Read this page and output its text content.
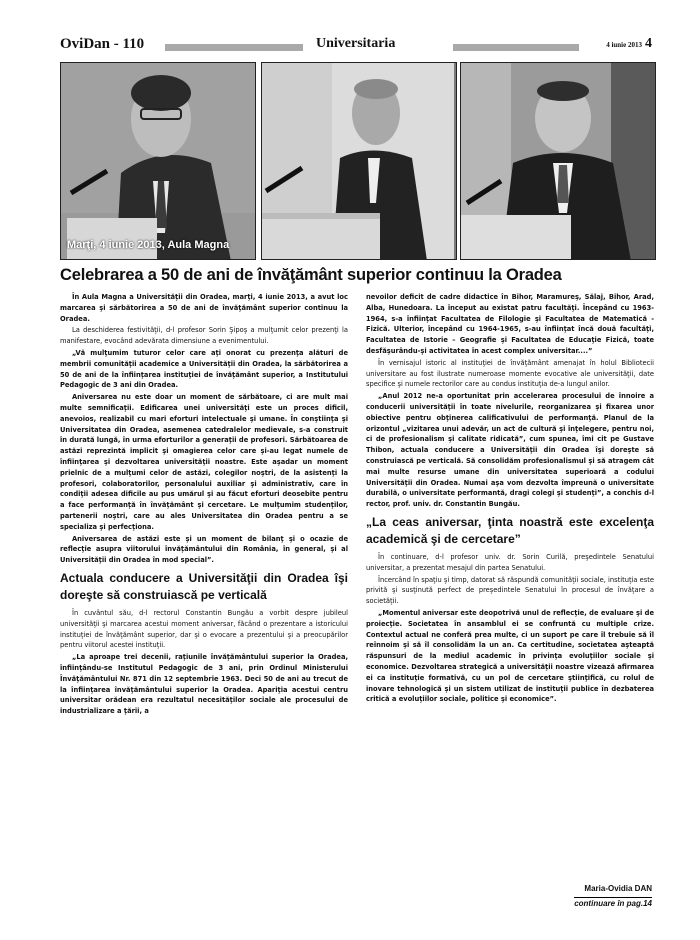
OviDan - 110	Universitaria	4 iunie 2013 4
Marţi, 4 iunie 2013, Aula Magna
Celebrarea a 50 de ani de învăţământ superior continuu la Oradea

În Aula Magna a Universităţii din Oradea, marţi, 4 iunie 2013, a avut loc marcarea şi sărbătorirea a 50 de ani de învăţământ superior continuu la Oradea.

La deschiderea festivităţii, d-l profesor Sorin Şipoş a mulţumit celor prezenţi la manifestare, evocând adevărata dimensiune a evenimentului.

„Vă mulţumim tuturor celor care aţi onorat cu prezenţa alături de membrii comunităţii academice a Universităţii din Oradea, la sărbătorirea a 50 de ani de la înfiinţarea instituţiei de învăţământ superior, a Institutului Pedagogic de 3 ani din Oradea.

Aniversarea nu este doar un moment de sărbătoare, ci are mult mai multe semnificaţii. Edificarea unei universităţi este un proces dificil, anevoios, realizabil cu mari eforturi intelectuale şi umane. În conştiinţa şi Universitatea din Oradea, asemenea catedralelor medievale, s-a construit în durată lungă, în urma eforturilor a generaţii de profesori. Sărbătoarea de astăzi reprezintă implicit şi omagierea celor care şi-au legat numele de înfiinţarea şi dezvoltarea universităţii noastre. Este aşadar un moment prielnic de a mulţumi celor de astăzi, colegilor noştri, de la asistenţi la profesori, colaboratorilor, personalului auxiliar şi administrativ, care în condiţii adesea dificile au pus umărul şi au făcut eforturi deosebite pentru a face performanţă în învăţământ şi cercetare. Le mulţumim studenţilor, partenerii noştri, care au ales Universitatea din Oradea pentru a se specializa şi perfecţiona.

Aniversarea de astăzi este şi un moment de bilanţ şi o ocazie de reflecţie asupra viitorului învăţământului din România, în general, şi al Universităţii din Oradea în mod special”.

Actuala conducere a Universităţii din Oradea îşi doreşte să construiască pe verticală

În cuvântul său, d-l rectorul Constantin Bungău a vorbit despre jubileul universităţii şi marcarea acestui moment aniversar, făcând o prezentare a istoricului instituţiei de învăţământ superior, dar şi o evocare a prezentului şi a preocupărilor pentru viitorul acestei instituţii.

„La aproape trei decenii, raţiunile învăţământului superior la Oradea, înfiinţându-se Institutul Pedagogic de 3 ani, prin Ordinul Ministerului Învăţământului Nr. 871 din 12 septembrie 1963. Deci 50 de ani au trecut de la înfiinţarea învăţământului superior la Oradea. Apariţia acestui centru universitar orădean era rezultatul necesităţilor sociale ale procesului de industrializare a ţării, a

nevoilor deficit de cadre didactice în Bihor, Maramureş, Sălaj, Bihor, Arad, Alba, Hunedoara. La început au existat patru facultăţi. Începând cu 1963-1964, s-a înfiinţat Facultatea de Filologie şi Facultatea de Matematică - Fizică. Ulterior, începând cu 1964-1965, s-au înfiinţat încă două facultăţi, Facultatea de Istorie – Geografie şi Facultatea de Educaţie Fizică, toate desfăşurându-şi activitatea în acest complex universitar....”

În vernisajul istoric al instituţiei de învăţământ amenajat în holul Bibliotecii universitare au fost ilustrate numeroase momente evocative ale universităţii, date specifice şi numele rectorilor care au condus instituţia de-a lungul anilor.

„Anul 2012 ne-a oportunitat prin accelerarea procesului de înnoire a conducerii universităţii în toate nivelurile, reorganizarea şi fixarea unor obiective pentru obţinerea calificativului de performanţă. Planul de la orizontul „vizitarea unui adevăr, un act de cultură şi înţelegere, pentru noi, ci de profesionalism şi calitate ridicată”, cum spunea, îmi cit pe Gustave Thibon, actuala conducere a Universităţii din Oradea îşi doreşte să construiască pe verticală. Să consolidăm profesionalismul şi să atragem cât mai multe resurse umane din universitatea superioară a codului Universităţii din Oradea. Numai aşa vom dezvolta împreună o universitate durabilă, o universitate performantă, dragi colegi şi studenţi”, a conchis d-l rector, prof. univ. dr. Constantin Bungău.

„La ceas aniversar, ţinta noastră este excelenţa academică şi de cercetare”

În continuare, d-l profesor univ. dr. Sorin Curilă, preşedintele Senatului universitar, a prezentat mesajul din partea Senatului.

Încercând în spaţiu şi timp, datorat să răspundă comunităţii sociale, instituţia este privită şi susţinută perfect de preşedintele Senatului în procesul de învăţare a societăţii.

„Momentul aniversar este deopotrivă unul de reflecţie, de evaluare şi de proiecţie. Societatea în ansamblul ei se confruntă cu multiple crize. Contextul actual ne conferă prea multe, ci un suport pe care îl trebuie să îl reînnoim şi să îl consolidăm la un an. Ca certitudine, societatea aşteaptă răspunsuri de la mediul academic în privinţa evoluţiilor sociale şi economice. Dezvoltarea strategică a universităţii noastre vizează afirmarea ei ca instituţie formativă, cu un pol de cercetare ştiinţifică, cu rolul de inovare tehnologică şi un sistem utilizat de instituţii publice în dezbaterea critică a evoluţiilor sociale, politice şi economice”.

Maria-Ovidia DAN
continuare în pag.14
